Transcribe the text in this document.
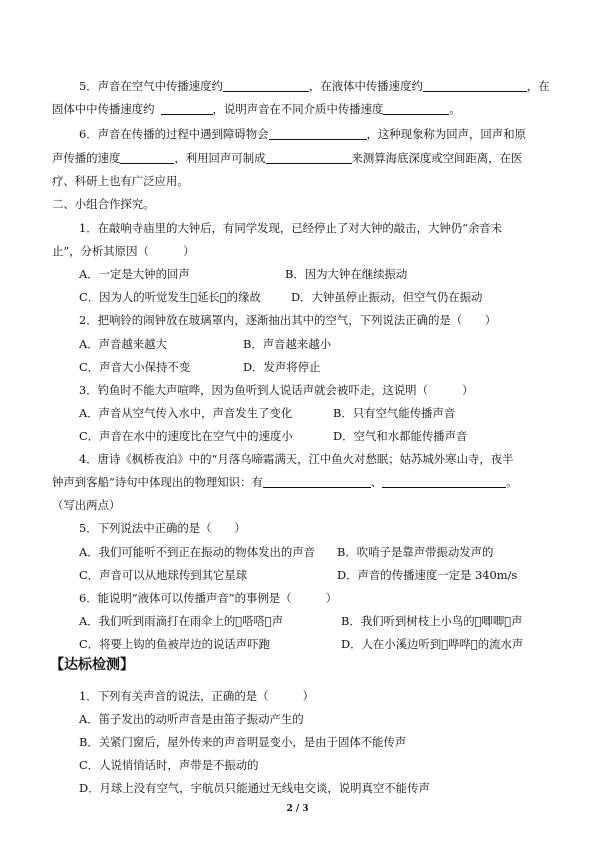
5．声音在空气中传播速度约	，在液体中传播速度约	，在
固体中中传播速度约	，说明声音在不同介质中传播速度	。
6．声音在传播的过程中遇到障碍物会	，这种现象称为回声，回声和原
声传播的速度	，利用回声可制成	来测算海底深度或空间距离，在医
疗、科研上也有广泛应用。
二、小组合作探究。
1．在敲响寺庙里的大钟后，有同学发现，已经停止了对大钟的敲击，大钟仍“余音未
止”，分析其原因（　　　）
A．一定是大钟的回声	B．因为大钟在继续振动
C．因为人的听觉发生 延长 的缘故	D．大钟虽停止振动，但空气仍在振动
2．把响铃的闹钟放在玻璃罩内，逐渐抽出其中的空气，下列说法正确的是（　　）
A．声音越来越大	B．声音越来越小
C．声音大小保持不变	D．发声将停止
3．钓鱼时不能大声喧哗，因为鱼听到人说话声就会被吓走，这说明（　　　）
A．声音从空气传入水中，声音发生了变化	B．只有空气能传播声音
C．声音在水中的速度比在空气中的速度小	D．空气和水都能传播声音
4．唐诗《枫桥夜泊》中的“月落乌啼霜满天，江中鱼火对愁眠；姑苏城外寒山寺，夜半
钟声到客船”诗句中体现出的物理知识：有	、	。
（写出两点）
5．下列说法中正确的是（　　）
A．我们可能听不到正在振动的物体发出的声音 B．吹哨子是靠声带振动发声的
C．声音可以从地球传到其它星球	D．声音的传播速度一定是 340m/s
6．能说明“液体可以传播声音”的事例是（　　　）
A．我们听到雨滴打在雨伞上的 嗒嗒 声	B．我们听到树枝上小鸟的 唧唧 声
C．将要上钩的鱼被岸边的说话声吓跑	D．人在小溪边听到 哗哗 的流水声
【达标检测】
1．下列有关声音的说法，正确的是（　　　）
A．笛子发出的动听声音是由笛子振动产生的
B．关紧门窗后，屋外传来的声音明显变小，是由于固体不能传声
C．人说悄悄话时，声带是不振动的
D．月球上没有空气，宇航员只能通过无线电交谈，说明真空不能传声
2 / 3
